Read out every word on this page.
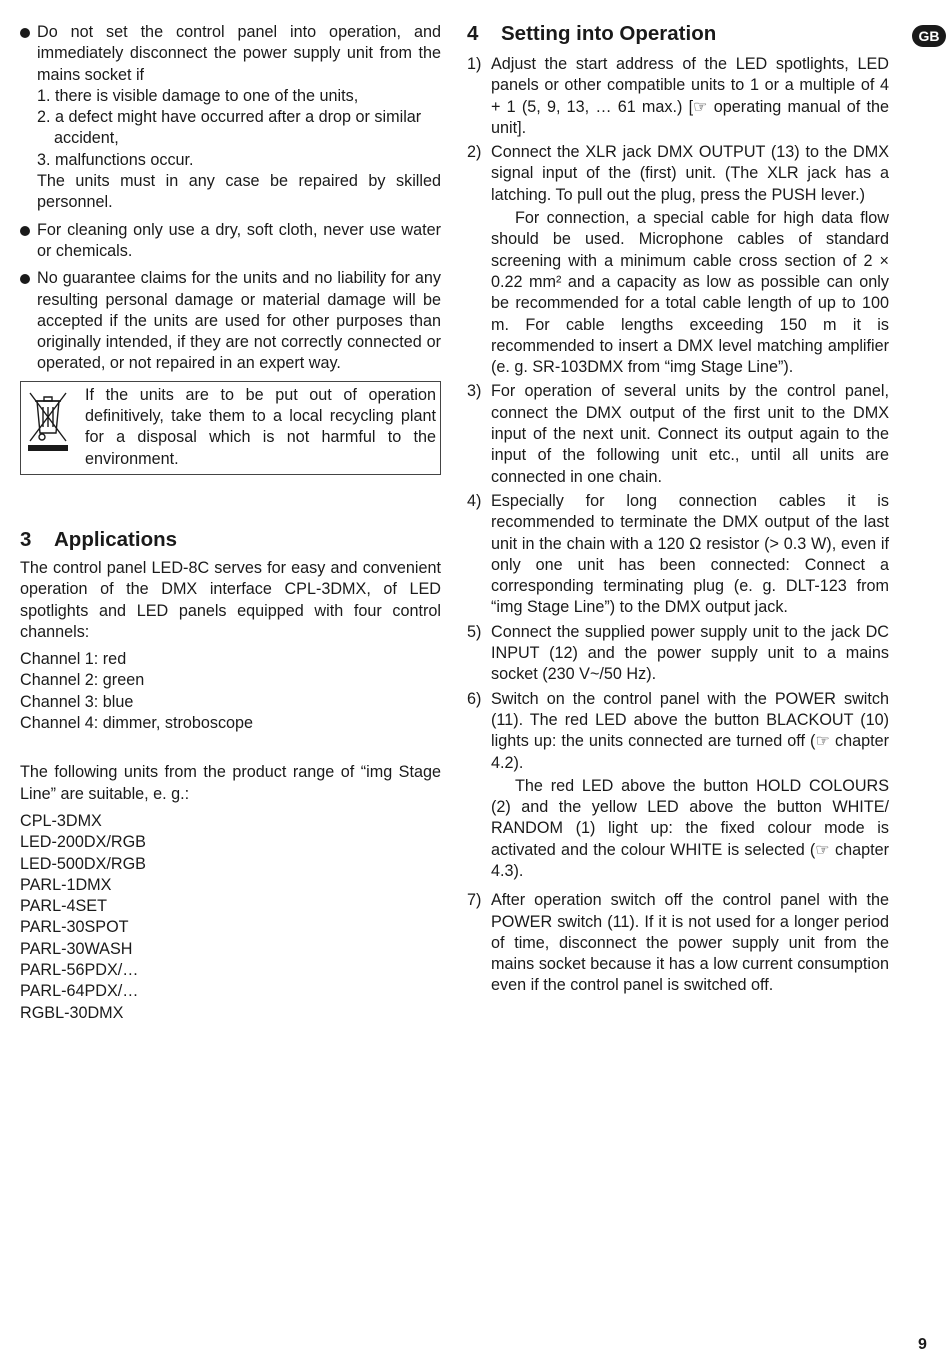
GB

Do not set the control panel into operation, and immediately disconnect the power supply unit from the mains socket if

1. there is visible damage to one of the units,
2. a defect might have occurred after a drop or similar accident,
3. malfunctions occur.

The units must in any case be repaired by skilled personnel.

For cleaning only use a dry, soft cloth, never use water or chemicals.

No guarantee claims for the units and no liability for any resulting personal damage or material damage will be accepted if the units are used for other purposes than originally intended, if they are not correctly connected or operated, or not repaired in an expert way.

If the units are to be put out of operation definitively, take them to a local recycling plant for a disposal which is not harmful to the environment.
3 Applications

The control panel LED-8C serves for easy and convenient operation of the DMX interface CPL-3DMX, of LED spotlights and LED panels equipped with four control channels:

Channel 1: red
Channel 2: green
Channel 3: blue
Channel 4: dimmer, stroboscope

The following units from the product range of “img Stage Line” are suitable, e. g.:

CPL-3DMX
LED-200DX/RGB
LED-500DX/RGB
PARL-1DMX
PARL-4SET
PARL-30SPOT
PARL-30WASH
PARL-56PDX/…
PARL-64PDX/…
RGBL-30DMX
4 Setting into Operation
1) Adjust the start address of the LED spotlights, LED panels or other compatible units to 1 or a multiple of 4 + 1 (5, 9, 13, … 61 max.) [☞ operating manual of the unit].

2) Connect the XLR jack DMX OUTPUT (13) to the DMX signal input of the (first) unit. (The XLR jack has a latching. To pull out the plug, press the PUSH lever.)

For connection, a special cable for high data flow should be used. Microphone cables of standard screening with a minimum cable cross section of 2 × 0.22 mm² and a capacity as low as possible can only be recommended for a total cable length of up to 100 m. For cable lengths exceeding 150 m it is recommended to insert a DMX level matching amplifier (e. g. SR-103DMX from “img Stage Line”).

3) For operation of several units by the control panel, connect the DMX output of the first unit to the DMX input of the next unit. Connect its output again to the input of the following unit etc., until all units are connected in one chain.

4) Especially for long connection cables it is recommended to terminate the DMX output of the last unit in the chain with a 120 Ω resistor (> 0.3 W), even if only one unit has been connected: Connect a corresponding terminating plug (e. g. DLT-123 from “img Stage Line”) to the DMX output jack.

5) Connect the supplied power supply unit to the jack DC INPUT (12) and the power supply unit to a mains socket (230 V~/50 Hz).

6) Switch on the control panel with the POWER switch (11). The red LED above the button BLACKOUT (10) lights up: the units connected are turned off (☞ chapter 4.2).

The red LED above the button HOLD COLOURS (2) and the yellow LED above the button WHITE/ RANDOM (1) light up: the fixed colour mode is activated and the colour WHITE is selected (☞ chapter 4.3).

7) After operation switch off the control panel with the POWER switch (11). If it is not used for a longer period of time, disconnect the power supply unit from the mains socket because it has a low current consumption even if the control panel is switched off.

9
